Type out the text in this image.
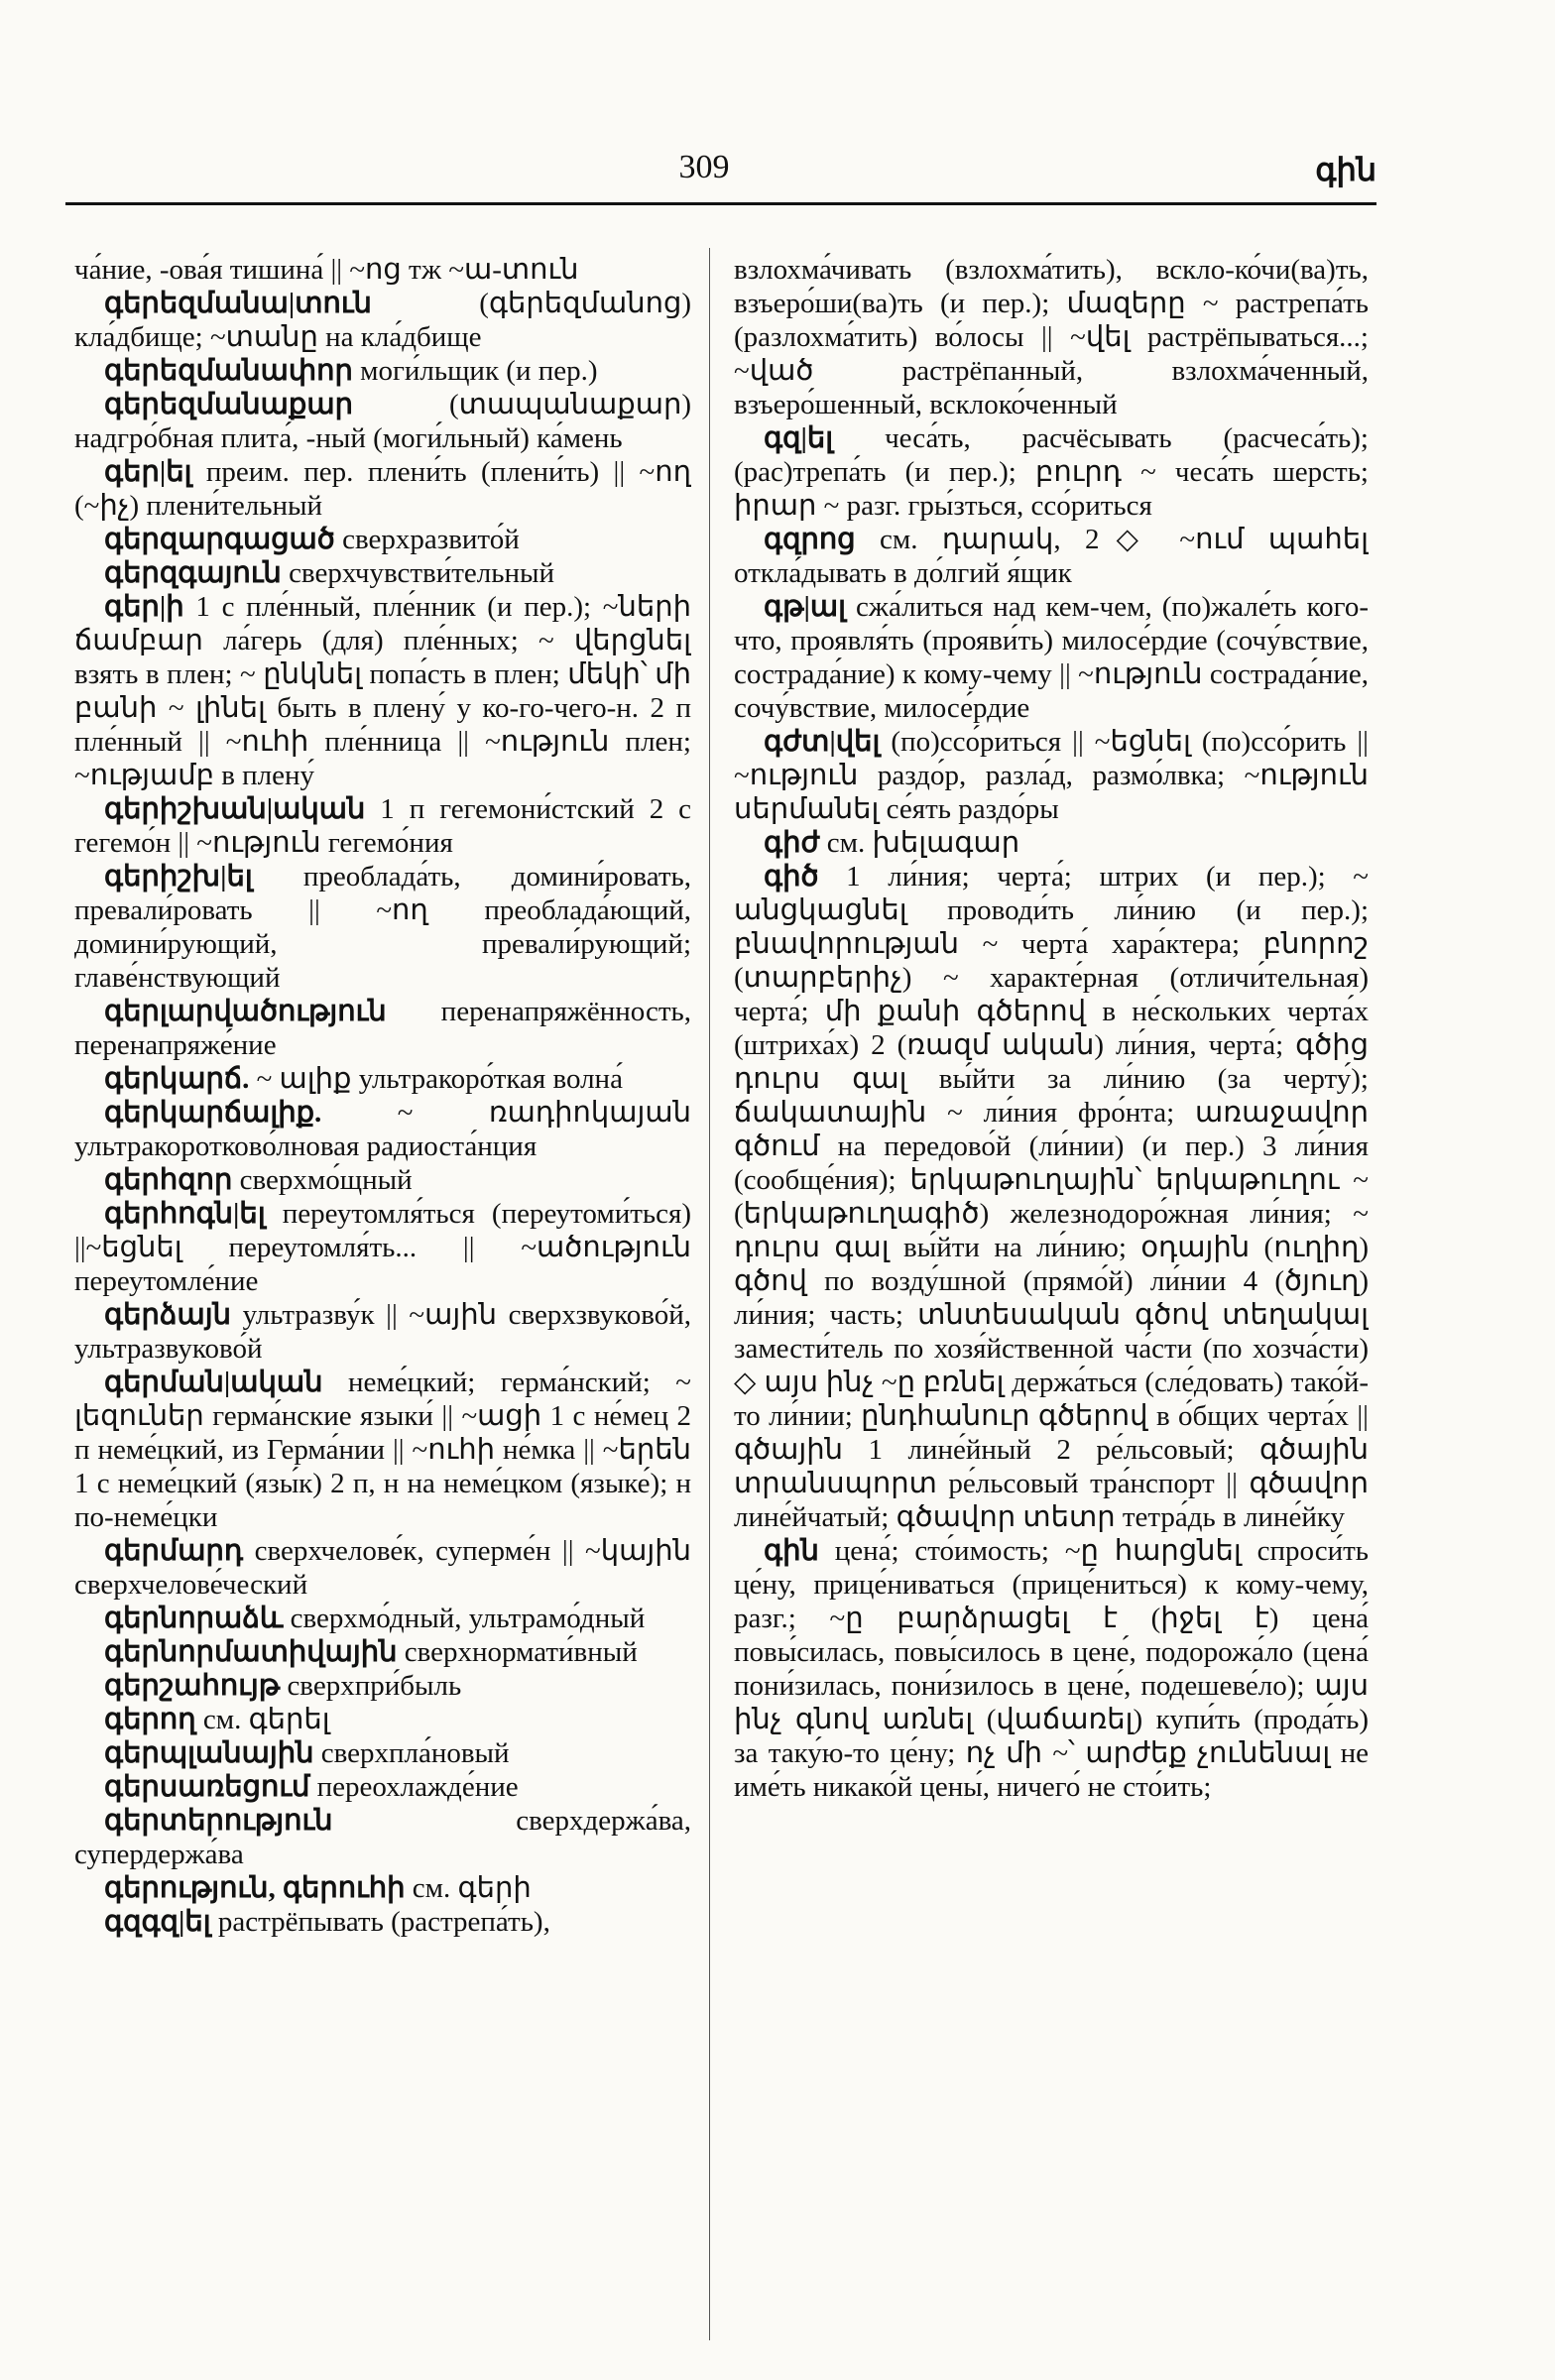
309	գին

ча́ние, -ова́я тишина́ || ~ոց тж ~ա-տուն

գերեզմանա|տուն (գերեզմանոց) кла́дбище; ~տանը на кла́дбище

գերեզմանափոր моги́льщик (и пер.)

գերեզմանաքար (տապանաքար) надгро́бная плита́, -ный (моги́льный) ка́мень

գեր|ել преим. пер. плени́ть (плени́ть) || ~ող (~իչ) плени́тельный

գերզարգացած сверхразвито́й

գերզգայուն сверхчувстви́тельный

գեր|ի 1 с пле́нный, пле́нник (и пер.); ~ների ճամբար ла́герь (для) пле́нных; ~ վերցնել взять в плен; ~ ընկնել попа́сть в плен; մեկի՝ մի բանի ~ լինել быть в плену́ у ко-го-чего-н. 2 п пле́нный || ~ուհի пле́нница || ~ություն плен; ~ությամբ в плену́

գերիշխան|ական 1 п гегемони́стский 2 с гегемо́н || ~ություն гегемо́ния

գերիշխ|ել преоблада́ть, домини́ровать, превали́ровать || ~ող преоблада́ющий, домини́рующий, превали́рующий; главе́нствующий

գերլարվածություն перенапряжённость, перенапряже́ние

գերկարճ. ~ ալիք ультракоро́ткая волна́

գերկարճալիք. ~ ռադիոկայան ультракоротково́лновая радиоста́нция

գերհզոր сверхмо́щный

գերհոգն|ել переутомля́ться (переутоми́ться) ||~եցնել переутомля́ть... || ~ածություն переутомле́ние

գերձայն ультразву́к || ~ային сверхзвуково́й, ультразвуково́й

գերման|ական неме́цкий; герма́нский; ~ լեզուներ герма́нские языки́ || ~ացի 1 с не́мец 2 п неме́цкий, из Герма́нии || ~ուհի не́мка || ~երեն 1 с неме́цкий (язы́к) 2 п, н на неме́цком (языке́); н по-неме́цки

գերմարդ сверхчелове́к, суперме́н || ~կային сверхчелове́ческий

գերնորաձև сверхмо́дный, ультрамо́дный

գերնորմատիվային сверхнормати́вный

գերշահույթ сверхпри́быль

գերող см. գերել

գերպլանային сверхпла́новый

գերսառեցում переохлажде́ние

գերտերություն сверхдержа́ва, супердержа́ва

գերություն, գերուհի см. գերի

գզգզ|ել растрёпывать (растрепа́ть),

взлохма́чивать (взлохма́тить), вскло-ко́чи(ва)ть, взъеро́ши(ва)ть (и пер.); մազերը ~ растрепа́ть (разлохма́тить) во́лосы || ~վել растрёпываться...; ~ված растрёпанный, взлохма́ченный, взъеро́шенный, всклоко́ченный

գզ|ել чеса́ть, расчёсывать (расчеса́ть); (рас)трепа́ть (и пер.); բուրդ ~ чеса́ть шерсть; իրար ~ разг. гры́зться, ссо́риться

գզրոց см. դարակ, 2◇ ~ում պահել откла́дывать в до́лгий я́щик

գթ|ալ сжа́литься над кем-чем, (по)жале́ть кого-что, проявля́ть (прояви́ть) милосе́рдие (сочу́вствие, сострада́ние) к кому-чему || ~ություն сострада́ние, сочу́вствие, милосе́рдие

գժտ|վել (по)ссо́риться || ~եցնել (по)ссо́рить || ~ություն раздо́р, разла́д, размо́лвка; ~ություն սերմանել се́ять раздо́ры

գիժ см. խելագար

գիծ 1 ли́ния; черта́; штрих (и пер.); ~ անցկացնել проводи́ть ли́нию (и пер.); բնավորության ~ черта́ хара́ктера; բնորոշ (տարբերիչ) ~ характе́рная (отличи́тельная) черта́; մի քանի գծերով в не́скольких черта́х (штриха́х) 2 (ռազմ ական) ли́ния, черта́; գծից դուրս գալ вы́йти за ли́нию (за черту́); ճակատային ~ ли́ния фро́нта; առաջավոր գծում на передово́й (ли́нии) (и пер.) 3 ли́ния (сообще́ния); երկաթուղային՝ երկաթուղու ~ (երկաթուղագիծ) железнодоро́жная ли́ния; ~ դուրս գալ вы́йти на ли́нию; օդային (ուղիղ) գծով по возду́шной (прямо́й) ли́нии 4 (ծյուղ) ли́ния; часть; տնտեսական գծով տեղակալ замести́тель по хозя́йственной ча́сти (по хозча́сти) ◇ այս ինչ ~ը բռնել держа́ться (сле́довать) тако́й-то ли́нии; ընդհանուր գծերով в о́бщих черта́х || գծային 1 лине́йный 2 ре́льсовый; գծային տրանսպորտ ре́льсовый тра́нспорт || գծավոր лине́йчатый; գծավոր տետր тетра́дь в лине́йку

գին цена́; сто́имость; ~ը հարցնել спроси́ть це́ну, прице́ниваться (прице́ниться) к кому-чему, разг.; ~ը բարձրացել է (իջել է) цена́ повы́силась, повы́силось в цене́, подорожа́ло (цена́ пони́зилась, пони́зилось в цене́, подешеве́ло); այս ինչ գնով առնել (վաճառել) купи́ть (прода́ть) за таку́ю-то це́ну; ոչ մի ~՝ արժեք չունենալ не име́ть никако́й цены́, ничего́ не сто́ить;
